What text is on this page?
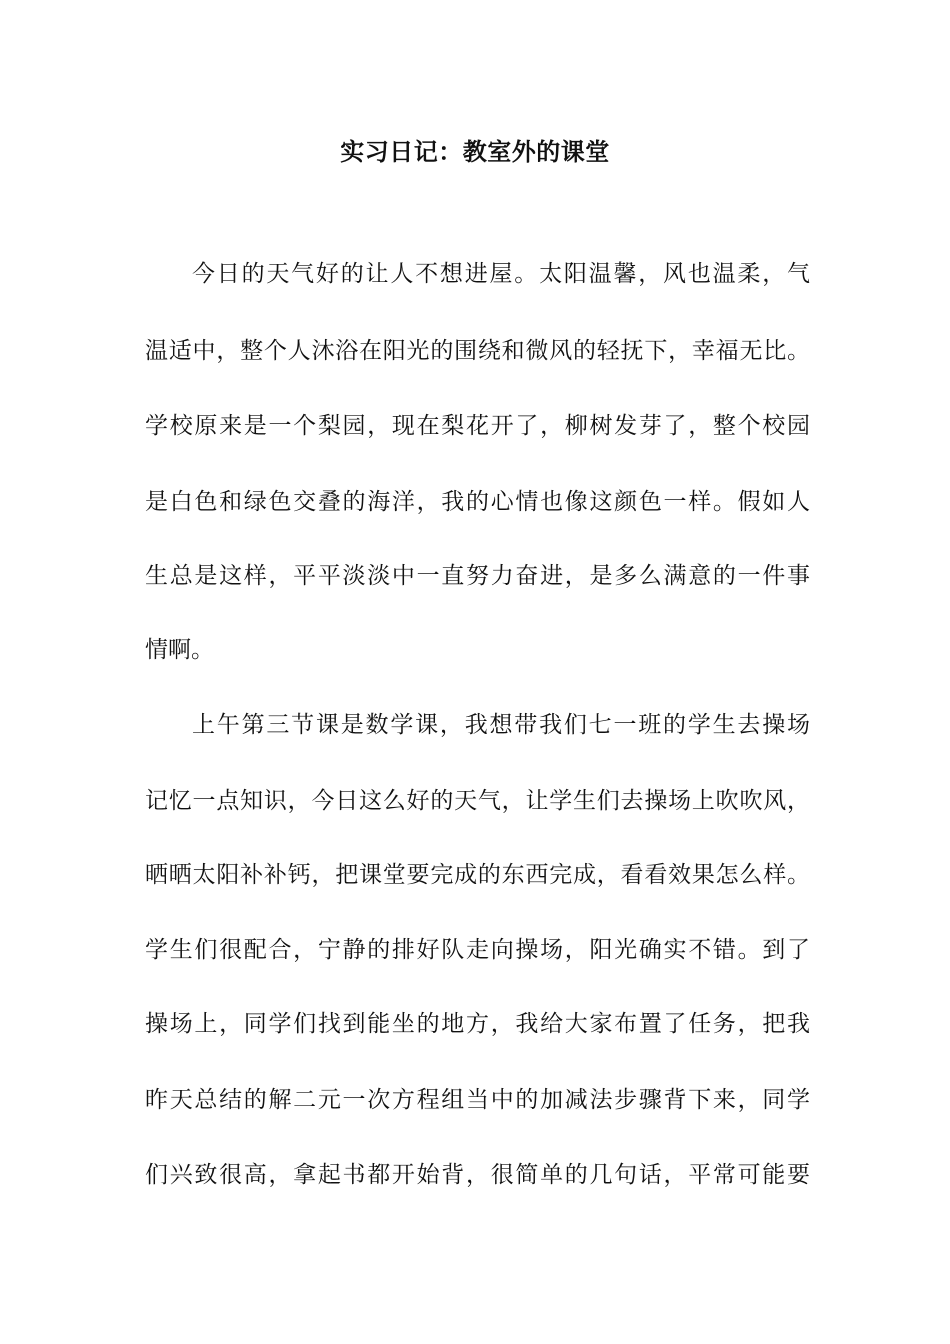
实习日记：教室外的课堂
今日的天气好的让人不想进屋。太阳温馨，风也温柔，气
温适中，整个人沐浴在阳光的围绕和微风的轻抚下，幸福无比。
学校原来是一个梨园，现在梨花开了，柳树发芽了，整个校园
是白色和绿色交叠的海洋，我的心情也像这颜色一样。假如人
生总是这样，平平淡淡中一直努力奋进，是多么满意的一件事
情啊。
上午第三节课是数学课，我想带我们七一班的学生去操场
记忆一点知识，今日这么好的天气，让学生们去操场上吹吹风，
晒晒太阳补补钙，把课堂要完成的东西完成，看看效果怎么样。
学生们很配合，宁静的排好队走向操场，阳光确实不错。到了
操场上，同学们找到能坐的地方，我给大家布置了任务，把我
昨天总结的解二元一次方程组当中的加减法步骤背下来，同学
们兴致很高，拿起书都开始背，很简单的几句话，平常可能要
